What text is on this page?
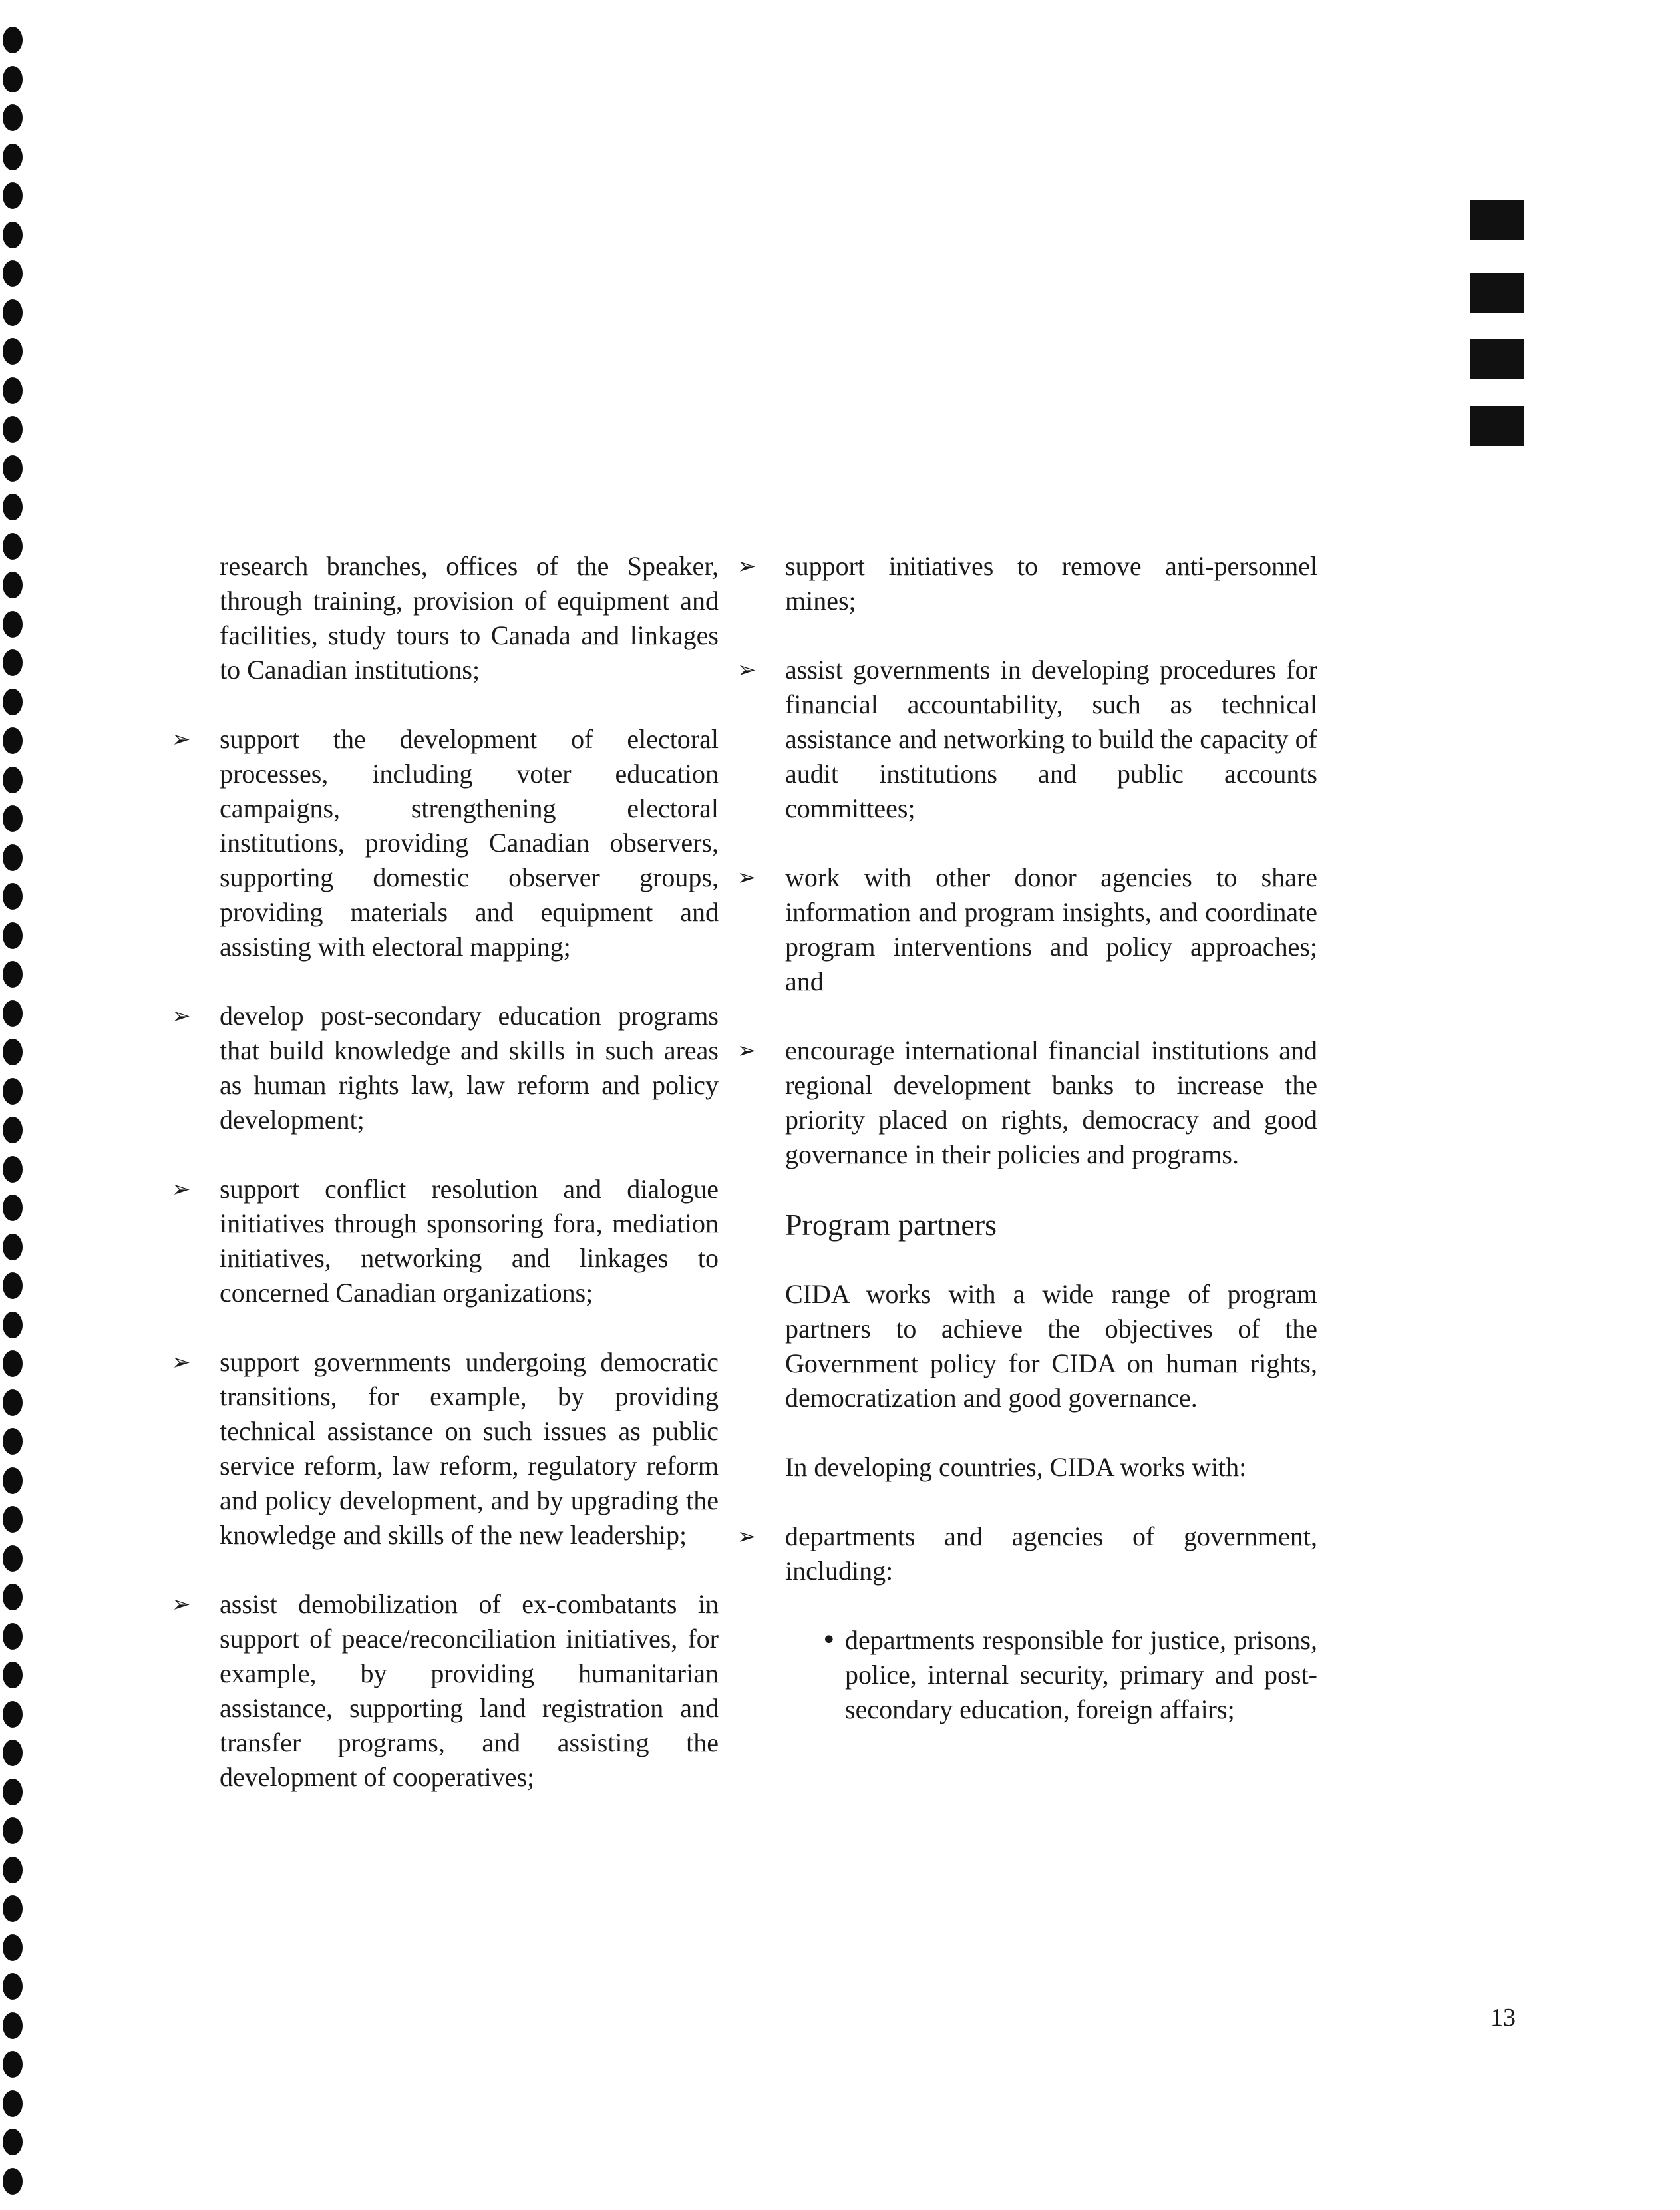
research branches, offices of the Speaker, through training, provision of equipment and facilities, study tours to Canada and linkages to Canadian institutions;

➢ support the development of electoral processes, including voter education campaigns, strengthening electoral institutions, providing Canadian observers, supporting domestic observer groups, providing materials and equipment and assisting with electoral mapping;

➢ develop post-secondary education programs that build knowledge and skills in such areas as human rights law, law reform and policy development;

➢ support conflict resolution and dialogue initiatives through sponsoring fora, mediation initiatives, networking and linkages to concerned Canadian organizations;

➢ support governments undergoing democratic transitions, for example, by providing technical assistance on such issues as public service reform, law reform, regulatory reform and policy development, and by upgrading the knowledge and skills of the new leadership;

➢ assist demobilization of ex-combatants in support of peace/reconciliation initiatives, for example, by providing humanitarian assistance, supporting land registration and transfer programs, and assisting the development of cooperatives;

➢ support initiatives to remove anti-personnel mines;

➢ assist governments in developing procedures for financial accountability, such as technical assistance and networking to build the capacity of audit institutions and public accounts committees;

➢ work with other donor agencies to share information and program insights, and coordinate program interventions and policy approaches; and

➢ encourage international financial institutions and regional development banks to increase the priority placed on rights, democracy and good governance in their policies and programs.

Program partners

CIDA works with a wide range of program partners to achieve the objectives of the Government policy for CIDA on human rights, democratization and good governance.

In developing countries, CIDA works with:

➢ departments and agencies of government, including:

• departments responsible for justice, prisons, police, internal security, primary and post-secondary education, foreign affairs;

13
